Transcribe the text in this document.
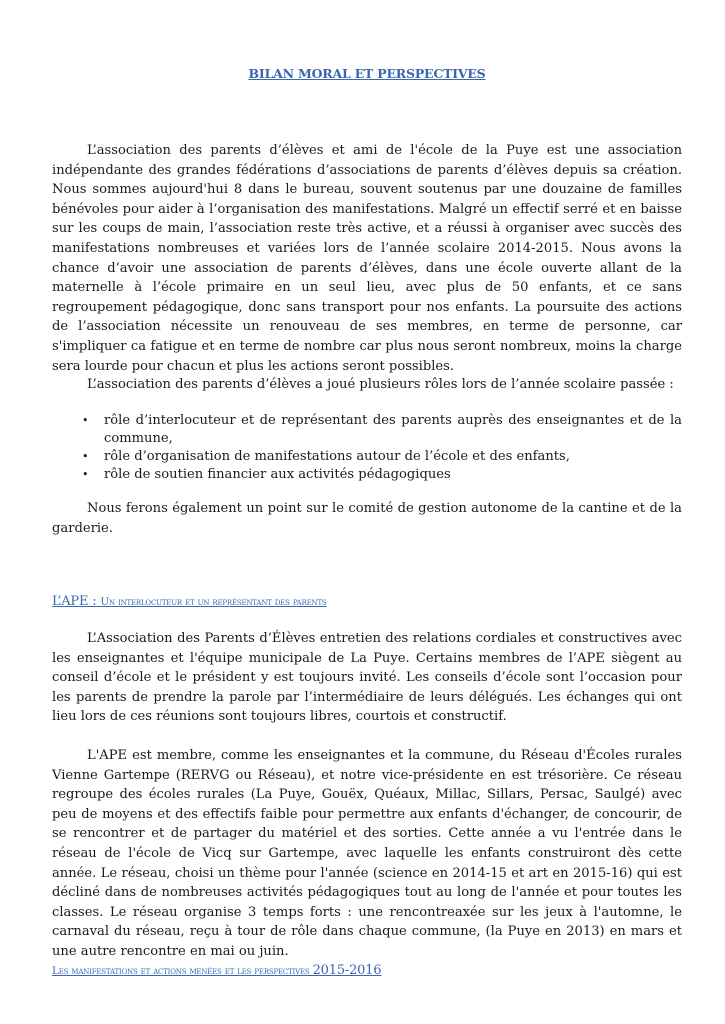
BILAN MORAL ET PERSPECTIVES

L’association des parents d’élèves et ami de l'école de la Puye est une association indépendante des grandes fédérations d’associations de parents d’élèves depuis sa création. Nous sommes aujourd'hui 8 dans le bureau, souvent soutenus par une douzaine de familles bénévoles pour aider à l’organisation des manifestations. Malgré un effectif serré et en baisse sur les coups de main, l’association reste très active, et a réussi à organiser avec succès des manifestations nombreuses et variées lors de l’année scolaire 2014-2015. Nous avons la chance d’avoir une association de parents d’élèves, dans une école ouverte allant de la maternelle à l’école primaire en un seul lieu, avec plus de 50 enfants, et ce sans regroupement pédagogique, donc sans transport pour nos enfants. La poursuite des actions de l’association nécessite un renouveau de ses membres, en terme de personne, car s'impliquer ca fatigue et en terme de nombre car plus nous seront nombreux, moins la charge sera lourde pour chacun et plus les actions seront possibles.

L’association des parents d’élèves a joué plusieurs rôles lors de l’année scolaire passée :

• rôle d’interlocuteur et de représentant des parents auprès des enseignantes et de la commune,
• rôle d’organisation de manifestations autour de l’école et des enfants,
• rôle de soutien financier aux activités pédagogiques

Nous ferons également un point sur le comité de gestion autonome de la cantine et de la garderie.

L’APE : Un interlocuteur et un représentant des parents

L’Association des Parents d’Élèves entretien des relations cordiales et constructives avec les enseignantes et l'équipe municipale de La Puye. Certains membres de l’APE siègent au conseil d’école et le président y est toujours invité. Les conseils d’école sont l’occasion pour les parents de prendre la parole par l’intermédiaire de leurs délégués. Les échanges qui ont lieu lors de ces réunions sont toujours libres, courtois et constructif.

L'APE est membre, comme les enseignantes et la commune, du Réseau d'Écoles rurales Vienne Gartempe (RERVG ou Réseau), et notre vice-présidente en est trésorière. Ce réseau regroupe des écoles rurales (La Puye, Gouëx, Quéaux, Millac, Sillars, Persac, Saulgé) avec peu de moyens et des effectifs faible pour permettre aux enfants d'échanger, de concourir, de se rencontrer et de partager du matériel et des sorties. Cette année a vu l'entrée dans le réseau de l'école de Vicq sur Gartempe, avec laquelle les enfants construiront dès cette année. Le réseau, choisi un thème pour l'année (science en 2014-15 et art en 2015-16) qui est décliné dans de nombreuses activités pédagogiques tout au long de l'année et pour toutes les classes. Le réseau organise 3 temps forts : une rencontreaxée sur les jeux à l'automne, le carnaval du réseau, reçu à tour de rôle dans chaque commune, (la Puye en 2013) en mars et une autre rencontre en mai ou juin.

Les manifestations et actions menées et les perspectives 2015-2016
